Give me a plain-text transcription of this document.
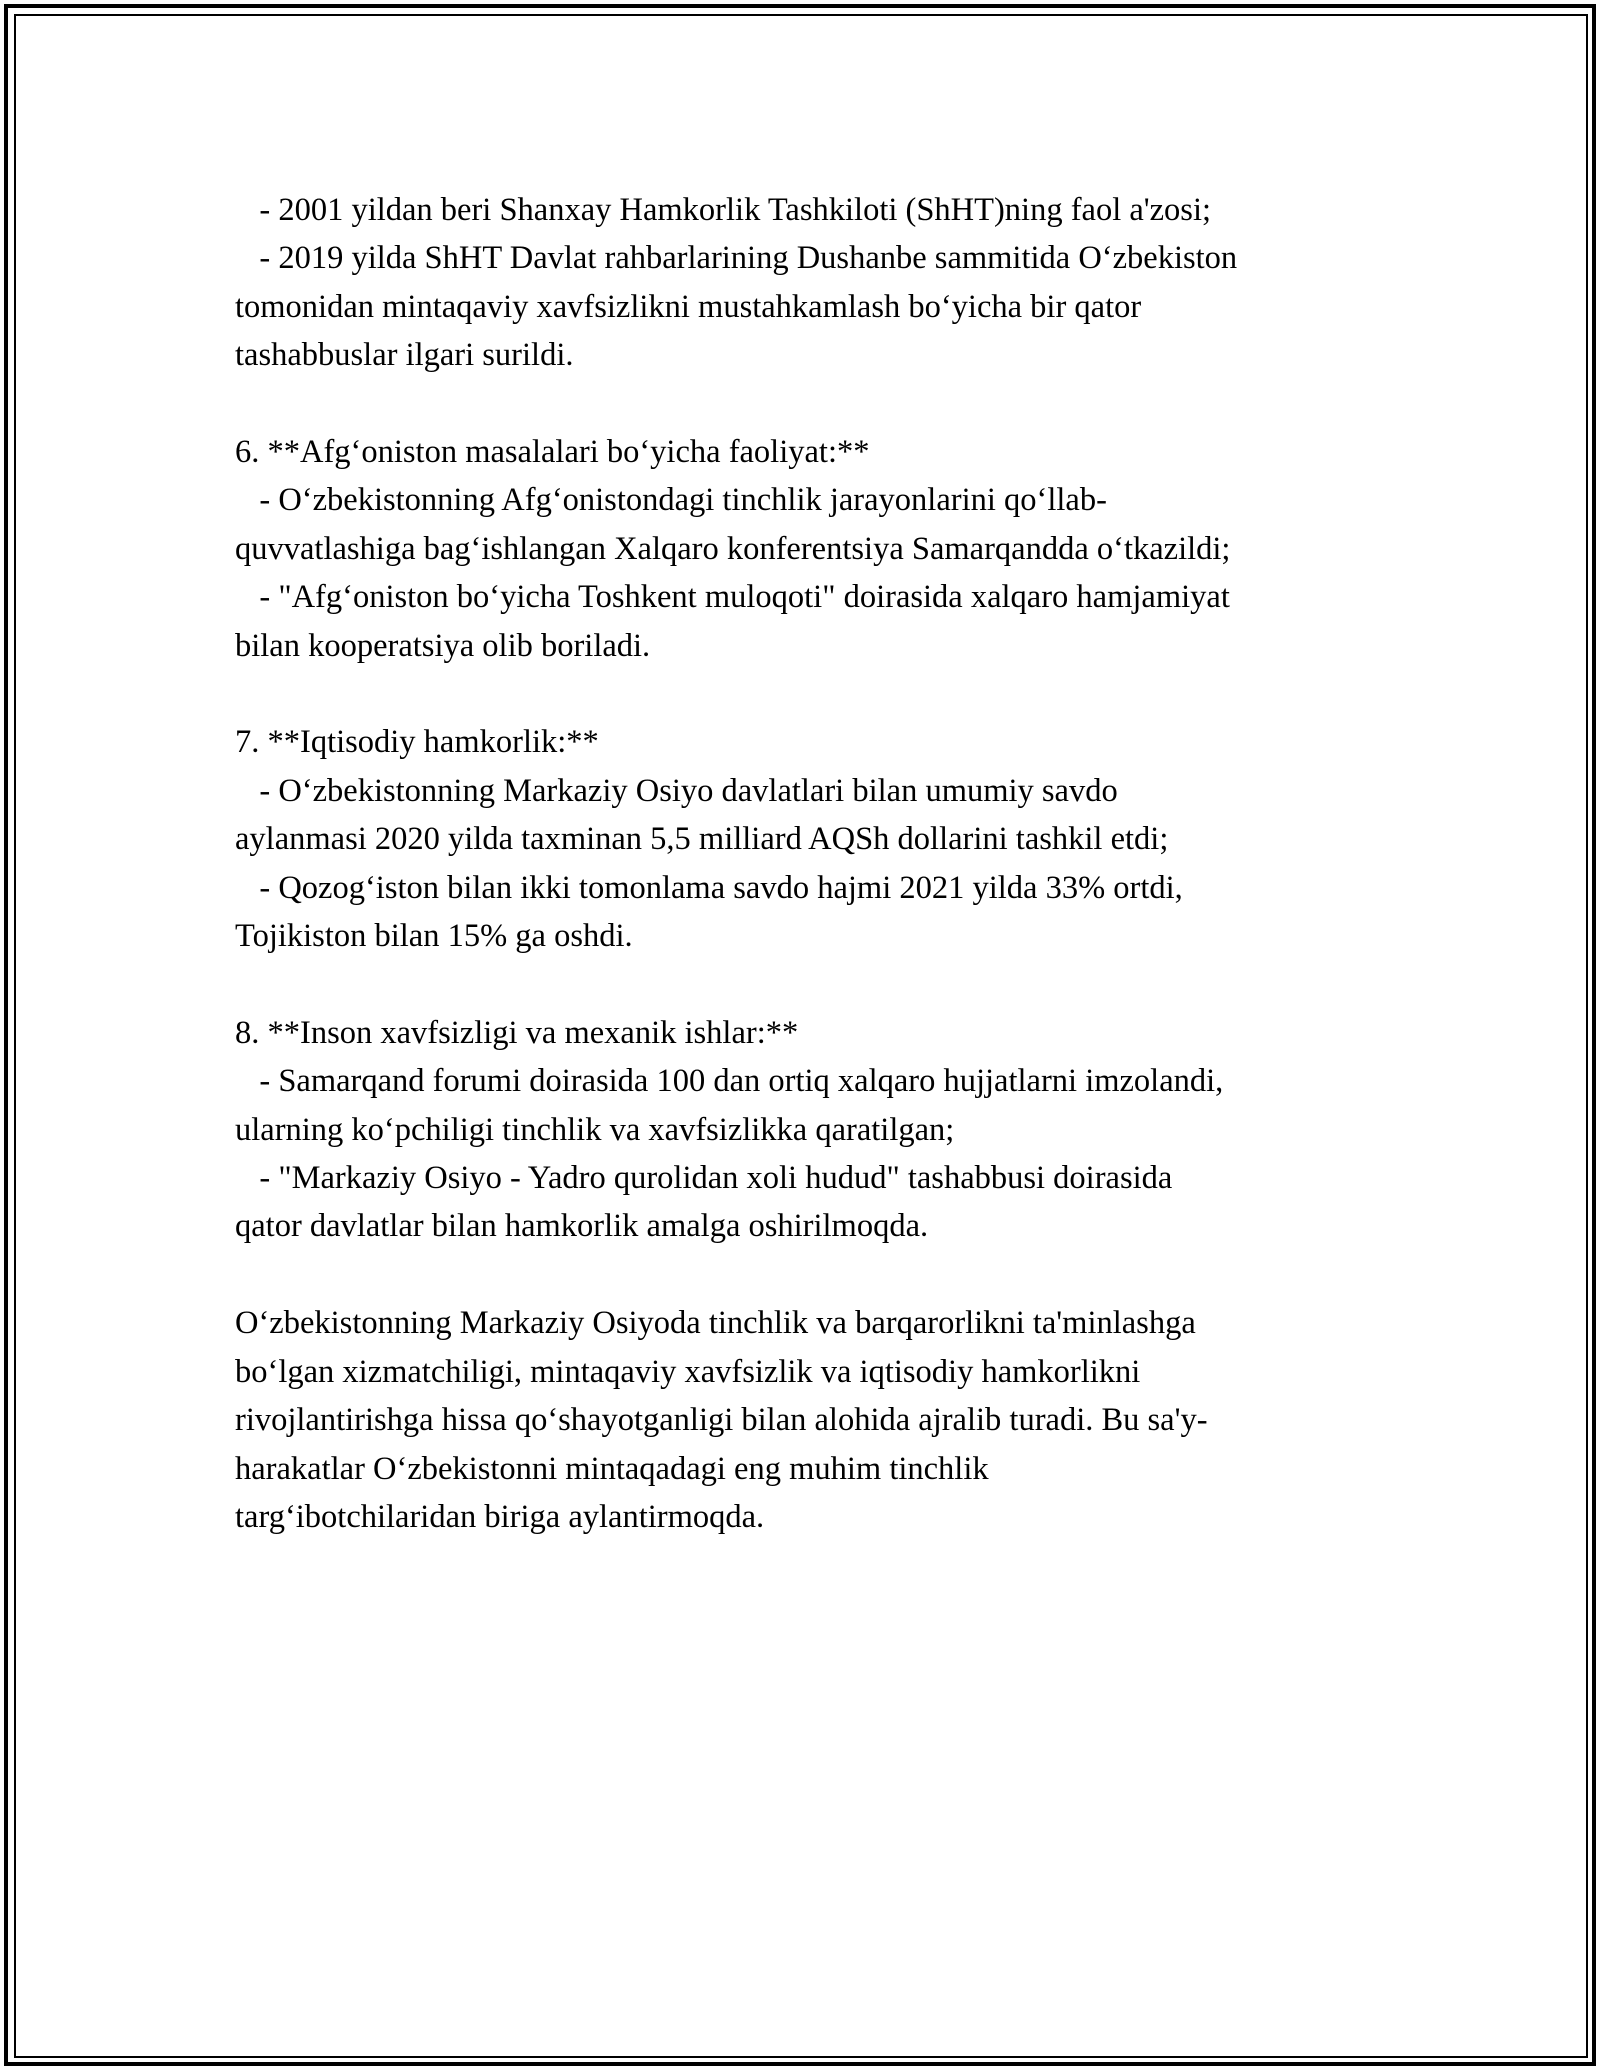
- 2001 yildan beri Shanxay Hamkorlik Tashkiloti (ShHT)ning faol a'zosi;
- 2019 yilda ShHT Davlat rahbarlarining Dushanbe sammitida O‘zbekiston
tomonidan mintaqaviy xavfsizlikni mustahkamlash bo‘yicha bir qator
tashabbuslar ilgari surildi.
6. **Afg‘oniston masalalari bo‘yicha faoliyat:**
- O‘zbekistonning Afg‘onistondagi tinchlik jarayonlarini qo‘llab-
quvvatlashiga bag‘ishlangan Xalqaro konferentsiya Samarqandda o‘tkazildi;
- "Afg‘oniston bo‘yicha Toshkent muloqoti" doirasida xalqaro hamjamiyat
bilan kooperatsiya olib boriladi.
7. **Iqtisodiy hamkorlik:**
- O‘zbekistonning Markaziy Osiyo davlatlari bilan umumiy savdo
aylanmasi 2020 yilda taxminan 5,5 milliard AQSh dollarini tashkil etdi;
- Qozog‘iston bilan ikki tomonlama savdo hajmi 2021 yilda 33% ortdi,
Tojikiston bilan 15% ga oshdi.
8. **Inson xavfsizligi va mexanik ishlar:**
- Samarqand forumi doirasida 100 dan ortiq xalqaro hujjatlarni imzolandi,
ularning ko‘pchiligi tinchlik va xavfsizlikka qaratilgan;
- "Markaziy Osiyo - Yadro qurolidan xoli hudud" tashabbusi doirasida
qator davlatlar bilan hamkorlik amalga oshirilmoqda.
O‘zbekistonning Markaziy Osiyoda tinchlik va barqarorlikni ta'minlashga
bo‘lgan xizmatchiligi, mintaqaviy xavfsizlik va iqtisodiy hamkorlikni
rivojlantirishga hissa qo‘shayotganligi bilan alohida ajralib turadi. Bu sa'y-
harakatlar O‘zbekistonni mintaqadagi eng muhim tinchlik
targ‘ibotchilaridan biriga aylantirmoqda.
